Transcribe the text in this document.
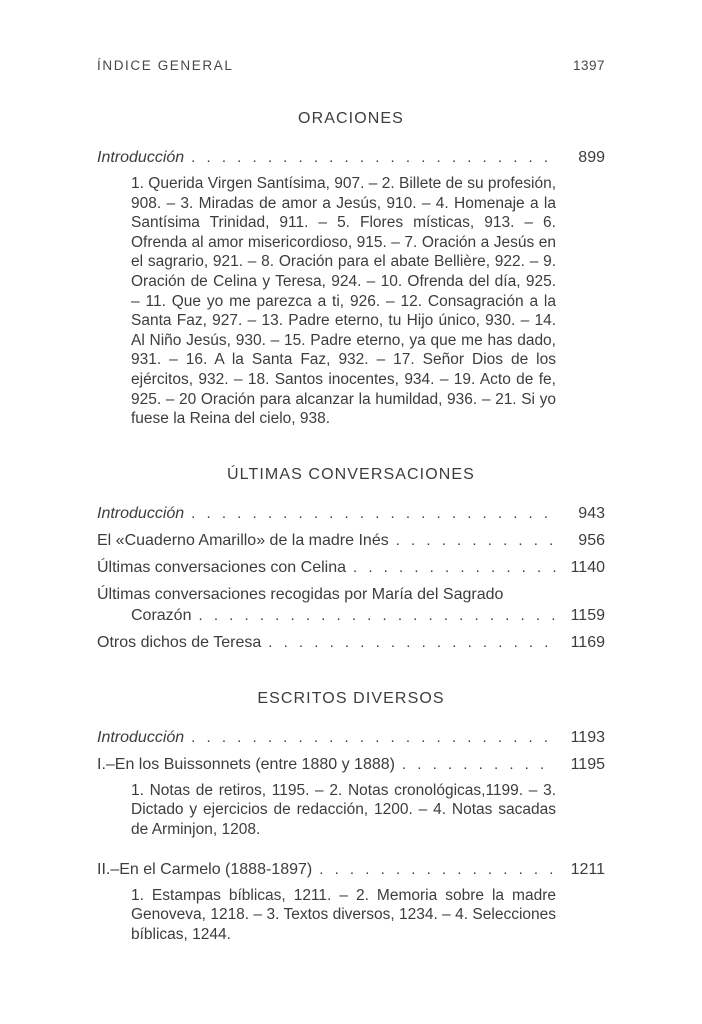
ÍNDICE GENERAL	1397
ORACIONES
Introducción . . .	899

1. Querida Virgen Santísima, 907. – 2. Billete de su profesión, 908. – 3. Miradas de amor a Jesús, 910. – 4. Homenaje a la Santísima Trinidad, 911. – 5. Flores místicas, 913. – 6. Ofrenda al amor misericordioso, 915. – 7. Oración a Jesús en el sagrario, 921. – 8. Oración para el abate Bellière, 922. – 9. Oración de Celina y Teresa, 924. – 10. Ofrenda del día, 925. – 11. Que yo me parezca a ti, 926. – 12. Consagración a la Santa Faz, 927. – 13. Padre eterno, tu Hijo único, 930. – 14. Al Niño Jesús, 930. – 15. Padre eterno, ya que me has dado, 931. – 16. A la Santa Faz, 932. – 17. Señor Dios de los ejércitos, 932. – 18. Santos inocentes, 934. – 19. Acto de fe, 925. – 20 Oración para alcanzar la humildad, 936. – 21. Si yo fuese la Reina del cielo, 938.

ÚLTIMAS CONVERSACIONES
Introducción . . .	943
El «Cuaderno Amarillo» de la madre Inés . . .	956
Últimas conversaciones con Celina . . .	1140
Últimas conversaciones recogidas por María del Sagrado
Corazón . . .	1159
Otros dichos de Teresa . . .	1169
ESCRITOS DIVERSOS
Introducción . . .	1193
I.–En los Buissonnets (entre 1880 y 1888) . . .	1195

1. Notas de retiros, 1195. – 2. Notas cronológicas,1199. – 3. Dictado y ejercicios de redacción, 1200. – 4. Notas sacadas de Arminjon, 1208.

II.–En el Carmelo (1888-1897) . . .	1211

1. Estampas bíblicas, 1211. – 2. Memoria sobre la madre Genoveva, 1218. – 3. Textos diversos, 1234. – 4. Selecciones bíblicas, 1244.
